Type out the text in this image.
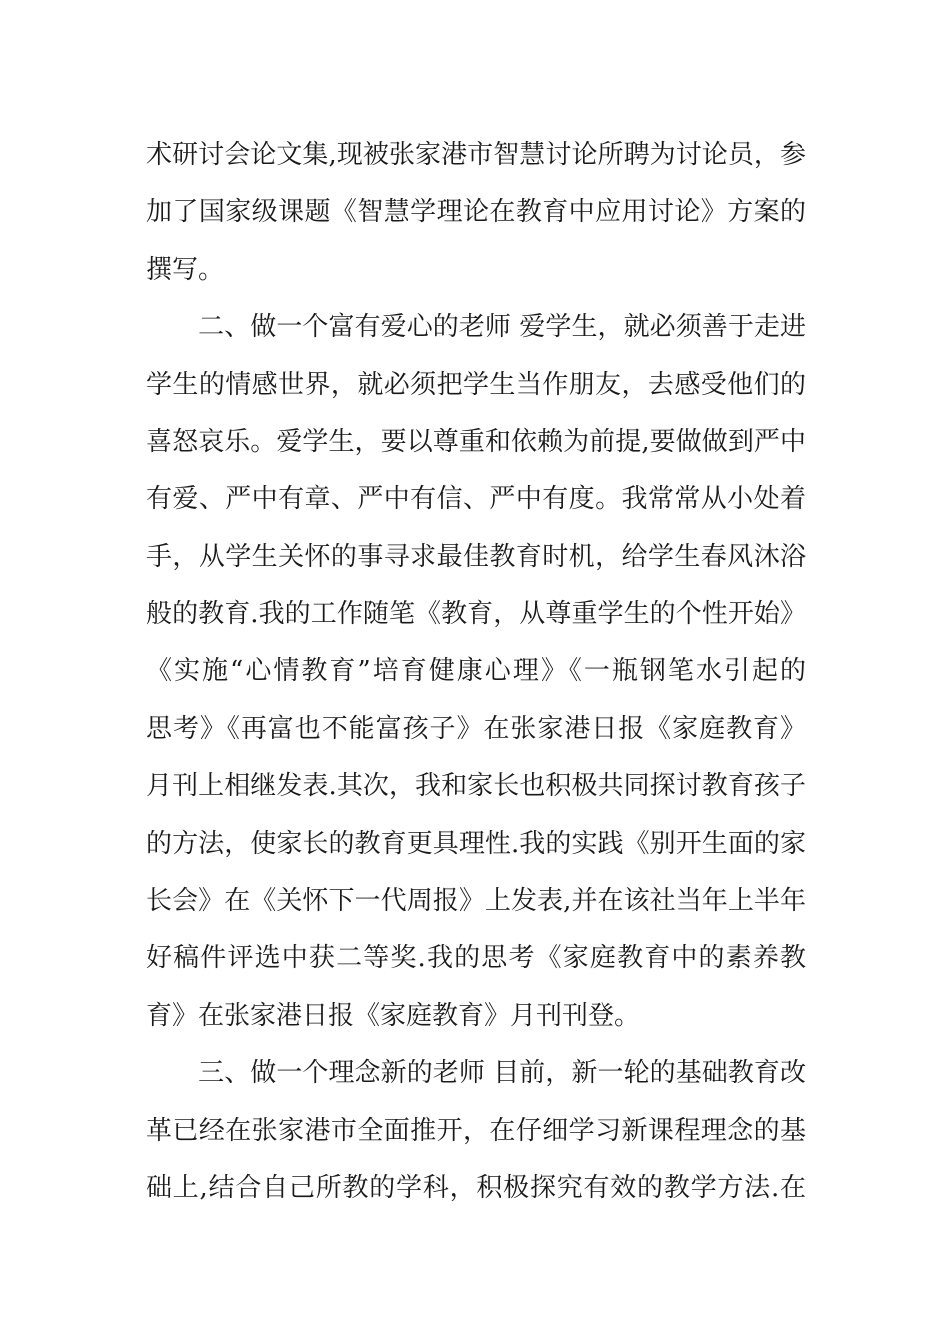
术研讨会论文集,现被张家港市智慧讨论所聘为讨论员，参
加了国家级课题《智慧学理论在教育中应用讨论》方案的
撰写。
　　二、做一个富有爱心的老师 爱学生，就必须善于走进
学生的情感世界，就必须把学生当作朋友，去感受他们的
喜怒哀乐。爱学生，要以尊重和依赖为前提,要做做到严中
有爱、严中有章、严中有信、严中有度。我常常从小处着
手，从学生关怀的事寻求最佳教育时机，给学生春风沐浴
般的教育.我的工作随笔《教育，从尊重学生的个性开始》
《实施“心情教育”培育健康心理》《一瓶钢笔水引起的
思考》《再富也不能富孩子》在张家港日报《家庭教育》
月刊上相继发表.其次，我和家长也积极共同探讨教育孩子
的方法，使家长的教育更具理性.我的实践《别开生面的家
长会》在《关怀下一代周报》上发表,并在该社当年上半年
好稿件评选中获二等奖.我的思考《家庭教育中的素养教
育》在张家港日报《家庭教育》月刊刊登。
　　三、做一个理念新的老师 目前，新一轮的基础教育改
革已经在张家港市全面推开，在仔细学习新课程理念的基
础上,结合自己所教的学科，积极探究有效的教学方法.在
